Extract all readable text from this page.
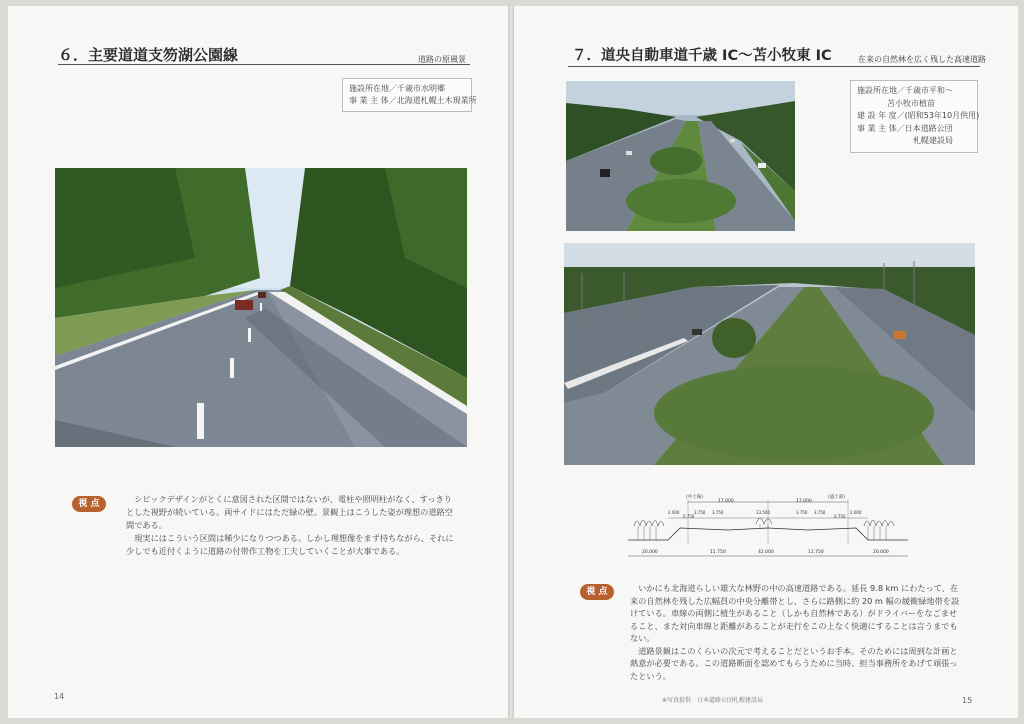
６．主要道道支笏湖公園線	道路の原風景
施設所在地／千歳市水明郷
事 業 主 体／北海道札幌土木現業所
視 点	シビックデザインがとくに意図された区間ではないが、電柱や照明柱がなく、すっきりとした視野が続いている。両サイドにはただ緑の壁。景観上はこうした姿が理想の道路空間である。

現実にはこういう区間は稀少になりつつある。しかし理想像をまず持ちながら、それに少しでも近付くように道路の付帯作工物を工夫していくことが大事である。

14
７．道央自動車道千歳 IC～苫小牧東 IC	在来の自然林を広く残した高速道路
施設所在地／千歳市平和～
苫小牧市植苗
建 設 年 度／(昭和53年10月供用)
事 業 主 体／日本道路公団
札幌建設局
(中土場)	(盛土部)
17.000	17.000
2.000
0.750
3.750 3.750	13.500	3.750 3.750
0.750
2.000
20.000	11.750	42.000	11.750	20.000
視 点	いかにも北海道らしい雄大な林野の中の高速道路である。延長 9.8 km にわたって、在来の自然林を残した広幅員の中央分離帯とし、さらに路側に約 20 m 幅の緩衝緑地帯を設けている。車線の両側に植生があること（しかも自然林である）がドライバーをなごませること、また対向車線と距離があることが走行をこの上なく快適にすることは言うまでもない。

道路景観はこのくらいの次元で考えることだというお手本。そのためには周到な計画と熱意が必要である。この道路断面を認めてもらうために当時、担当事務所をあげて頑張ったという。

※写真提供　日本道路公団札幌建設局	15
